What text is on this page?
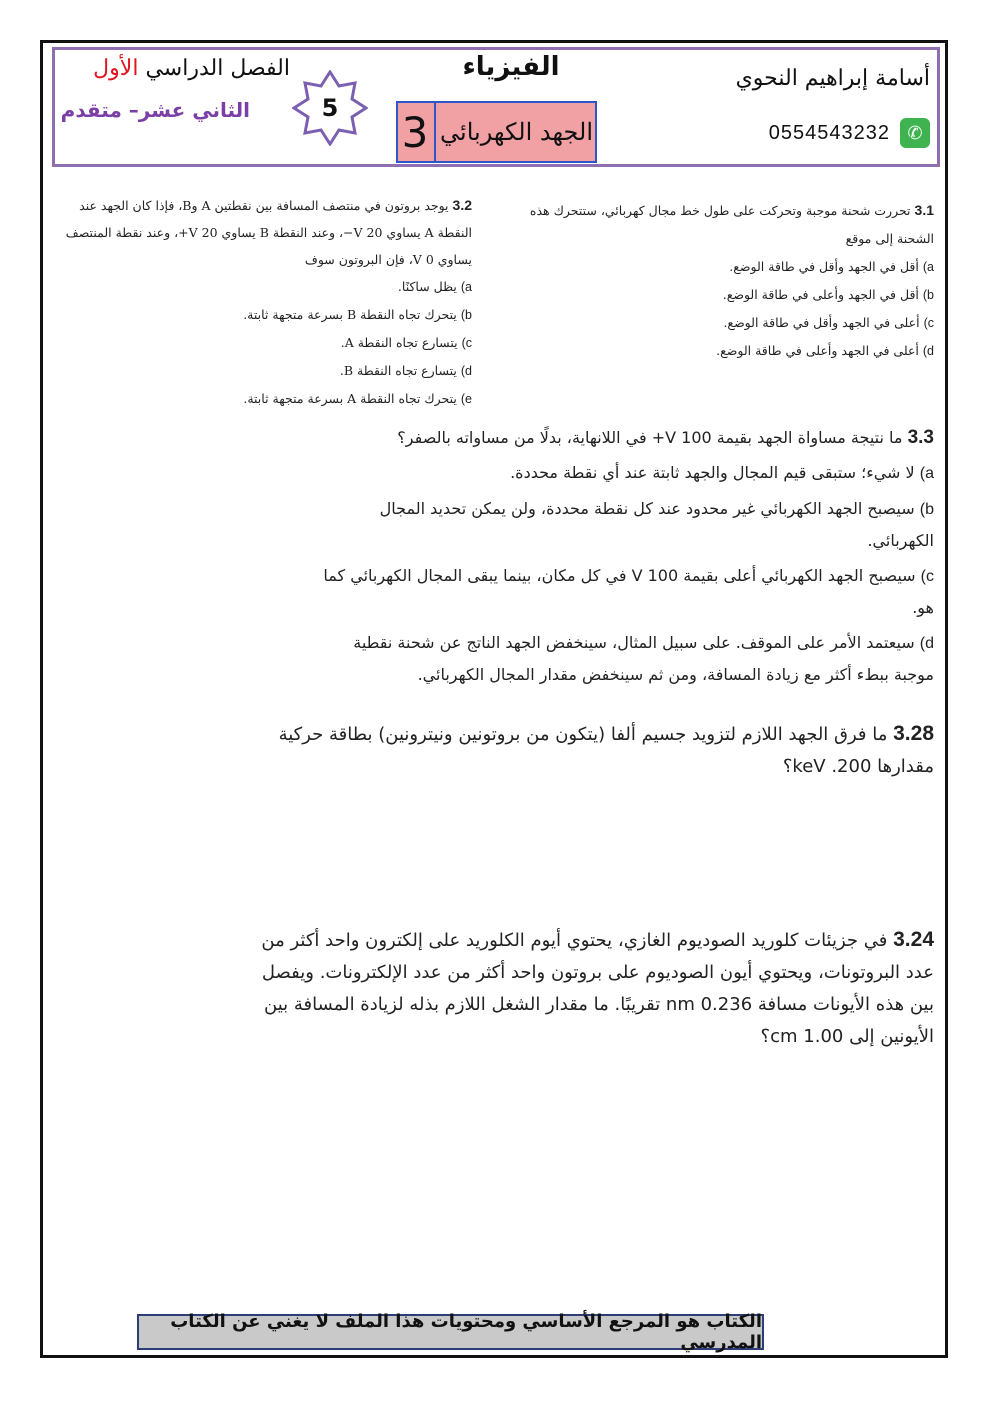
الفصل الدراسي الأول
الثاني عشر– متقدم	5
الفيزياء
3 الجهد الكهربائي
أسامة إبراهيم النحوي
✆
0554543232
3.1 تحررت شحنة موجبة وتحركت على طول خط مجال كهربائي، ستتحرك هذه الشحنة إلى موقع
a) أقل في الجهد وأقل في طاقة الوضع.
b) أقل في الجهد وأعلى في طاقة الوضع.
c) أعلى في الجهد وأقل في طاقة الوضع.
d) أعلى في الجهد وأعلى في طاقة الوضع.
3.2 يوجد بروتون في منتصف المسافة بين نقطتين A وB، فإذا كان الجهد عند النقطة A يساوي V 20−، وعند النقطة B يساوي V 20+، وعند نقطة المنتصف يساوي 0 V، فإن البروتون سوف
a) يظل ساكنًا.
b) يتحرك تجاه النقطة B بسرعة متجهة ثابتة.
c) يتسارع تجاه النقطة A.
d) يتسارع تجاه النقطة B.
e) يتحرك تجاه النقطة A بسرعة متجهة ثابتة.
3.3 ما نتيجة مساواة الجهد بقيمة V 100+ في اللانهاية، بدلًا من مساواته بالصفر؟
a) لا شيء؛ ستبقى قيم المجال والجهد ثابتة عند أي نقطة محددة.
b) سيصبح الجهد الكهربائي غير محدود عند كل نقطة محددة، ولن يمكن تحديد المجال الكهربائي.
c) سيصبح الجهد الكهربائي أعلى بقيمة V 100 في كل مكان، بينما يبقى المجال الكهربائي كما هو.
d) سيعتمد الأمر على الموقف. على سبيل المثال، سينخفض الجهد الناتج عن شحنة نقطية موجبة ببطء أكثر مع زيادة المسافة، ومن ثم سينخفض مقدار المجال الكهربائي.
3.28 ما فرق الجهد اللازم لتزويد جسيم ألفا (يتكون من بروتونين ونيترونين) بطاقة حركية مقدارها 200. keV؟
3.24 في جزيئات كلوريد الصوديوم الغازي، يحتوي أيوم الكلوريد على إلكترون واحد أكثر من عدد البروتونات، ويحتوي أيون الصوديوم على بروتون واحد أكثر من عدد الإلكترونات. ويفصل بين هذه الأيونات مسافة 0.236 nm تقريبًا. ما مقدار الشغل اللازم بذله لزيادة المسافة بين الأيونين إلى 1.00 cm؟
الكتاب هو المرجع الأساسي ومحتويات هذا الملف لا يغني عن الكتاب المدرسي
